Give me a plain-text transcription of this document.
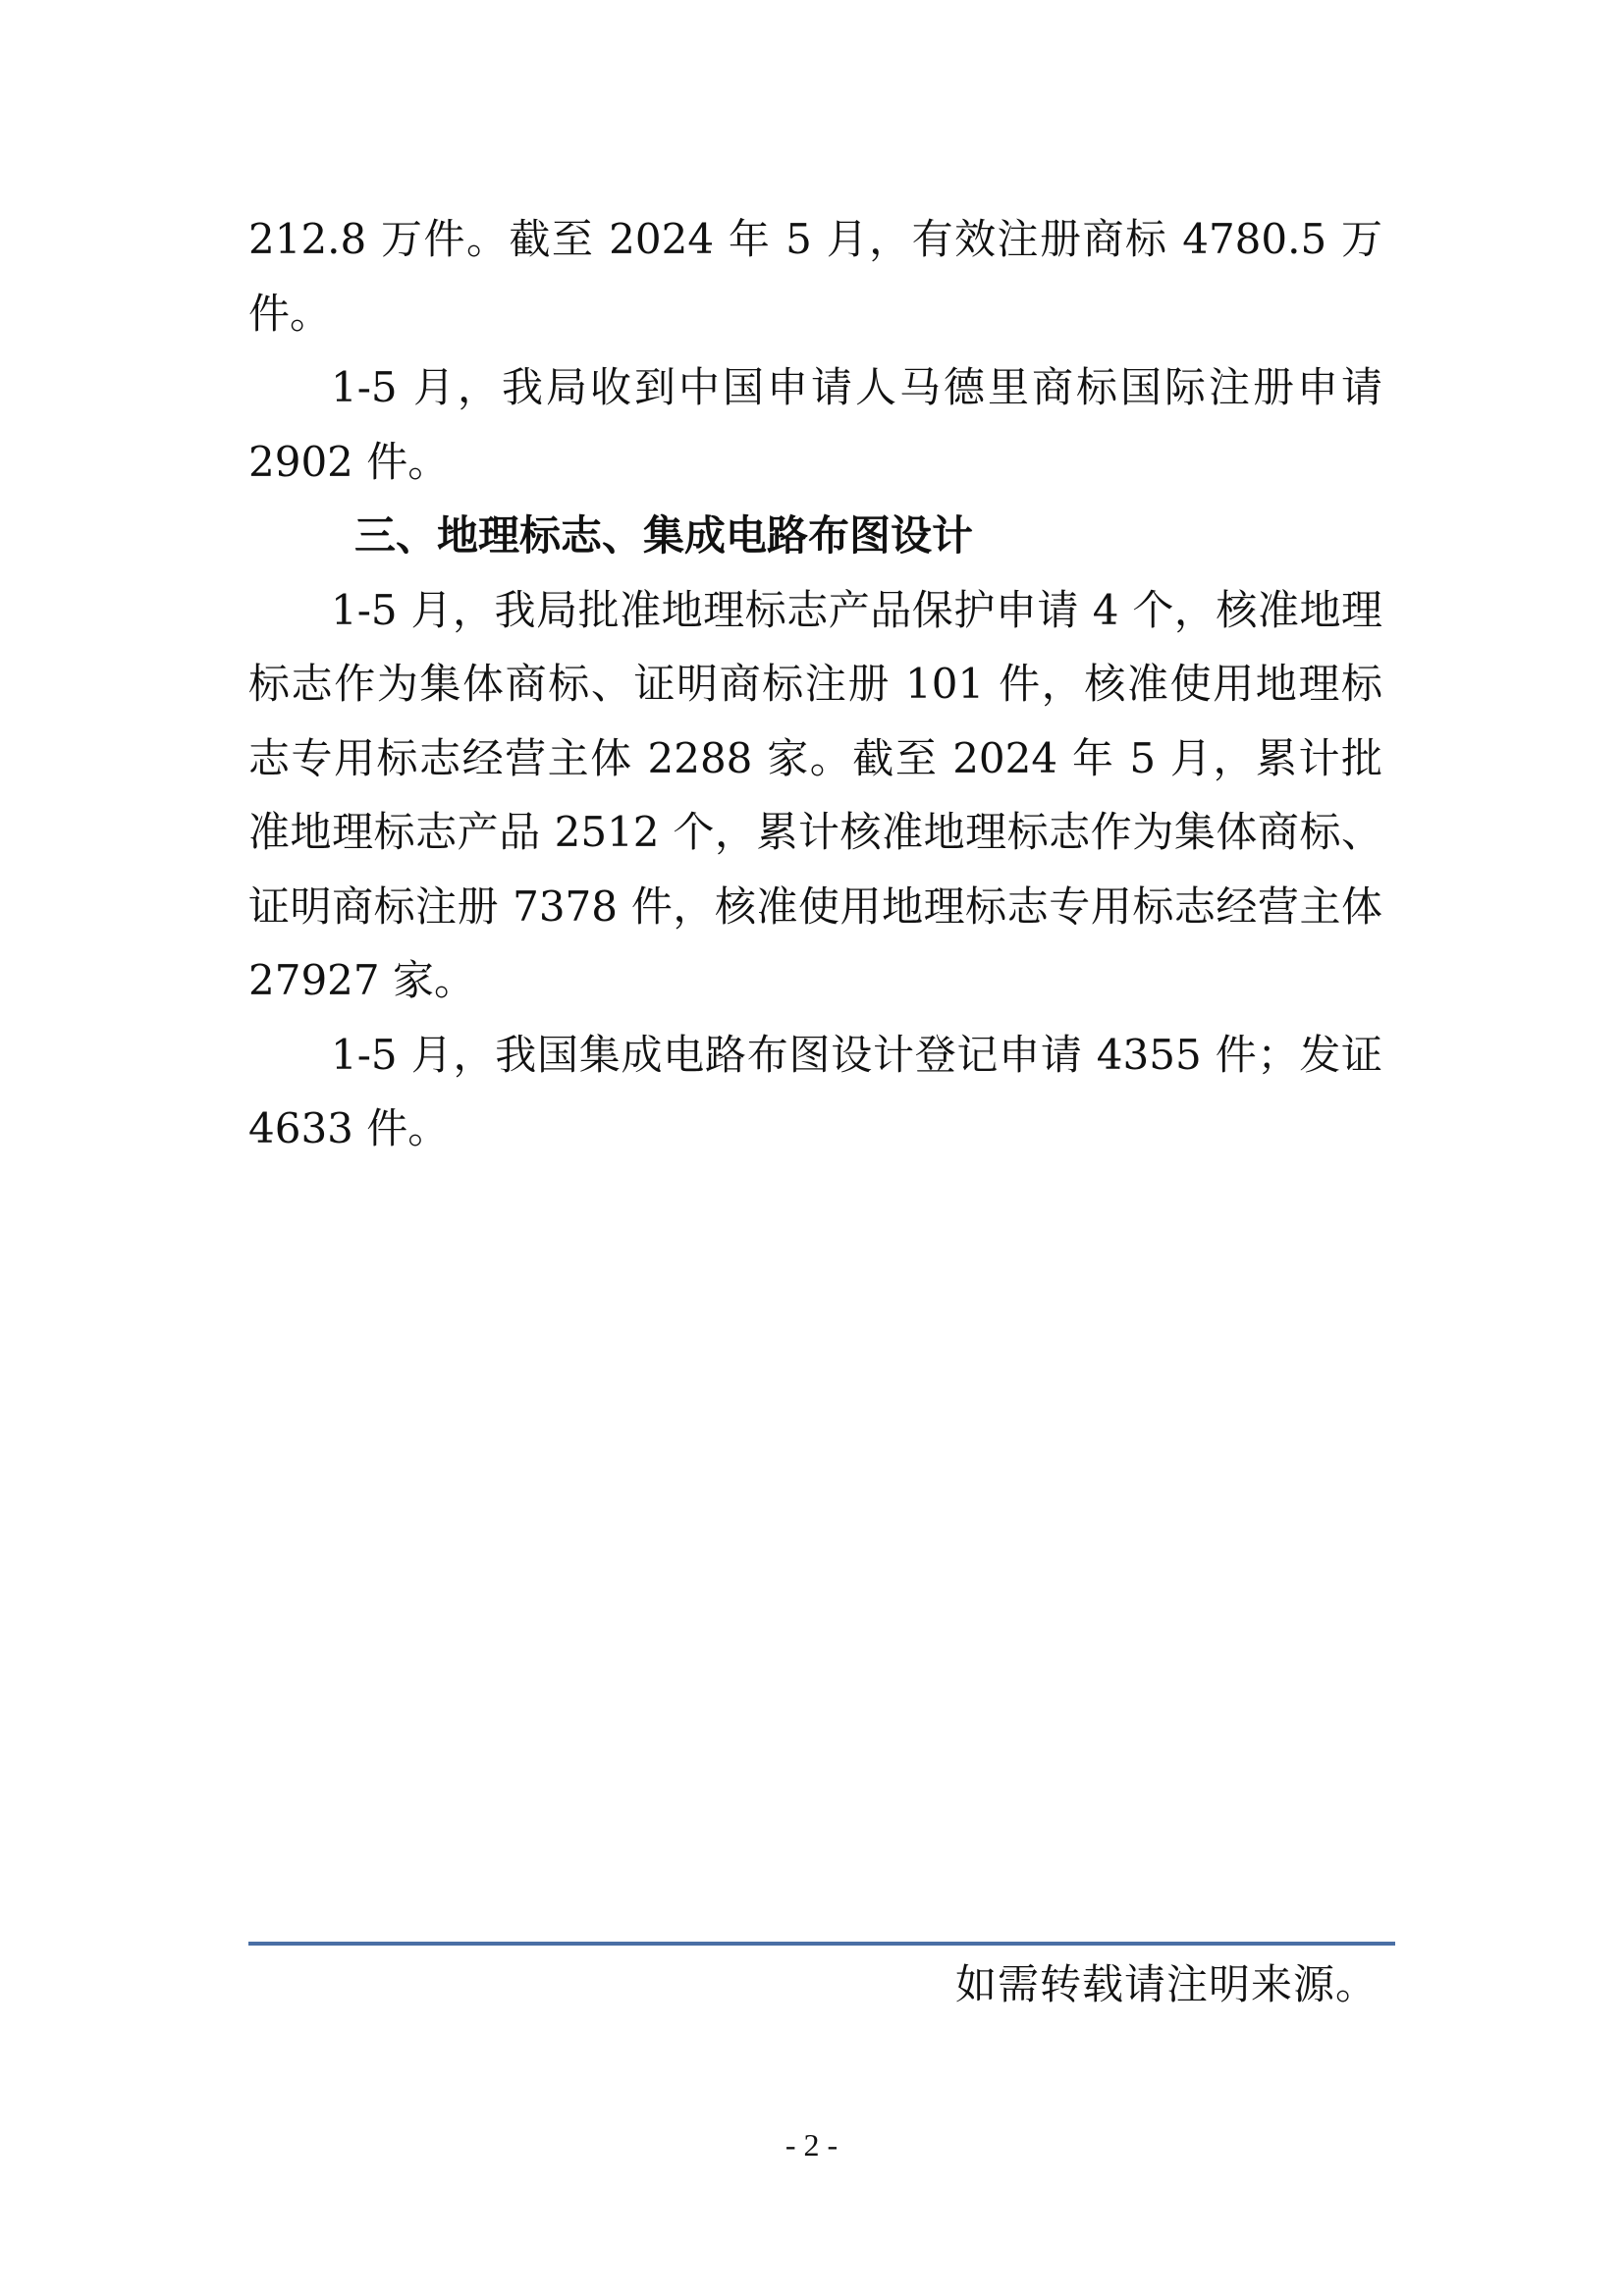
212.8 万件。截至 2024 年 5 月，有效注册商标 4780.5 万件。

1-5 月，我局收到中国申请人马德里商标国际注册申请 2902 件。

三、地理标志、集成电路布图设计

1-5 月，我局批准地理标志产品保护申请 4 个，核准地理标志作为集体商标、证明商标注册 101 件，核准使用地理标志专用标志经营主体 2288 家。截至 2024 年 5 月，累计批准地理标志产品 2512 个，累计核准地理标志作为集体商标、证明商标注册 7378 件，核准使用地理标志专用标志经营主体 27927 家。

1-5 月，我国集成电路布图设计登记申请 4355 件；发证 4633 件。

如需转载请注明来源。
- 2 -
